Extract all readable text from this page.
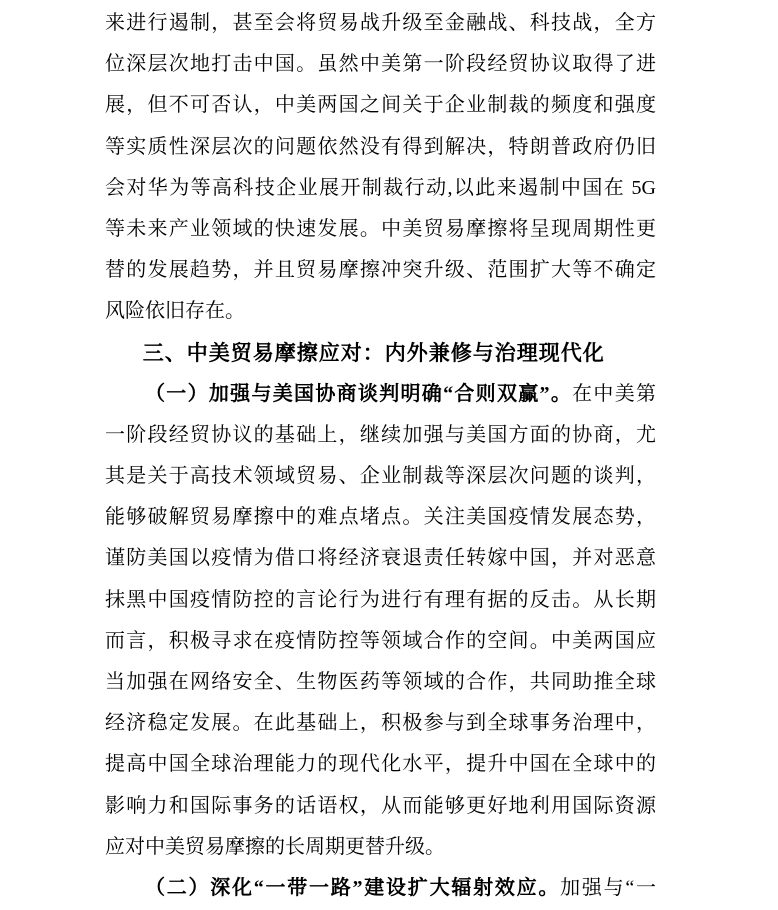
来进行遏制，甚至会将贸易战升级至金融战、科技战，全方
位深层次地打击中国。虽然中美第一阶段经贸协议取得了进
展，但不可否认，中美两国之间关于企业制裁的频度和强度
等实质性深层次的问题依然没有得到解决，特朗普政府仍旧
会对华为等高科技企业展开制裁行动,以此来遏制中国在 5G
等未来产业领域的快速发展。中美贸易摩擦将呈现周期性更
替的发展趋势，并且贸易摩擦冲突升级、范围扩大等不确定
风险依旧存在。
三、中美贸易摩擦应对：内外兼修与治理现代化
（一）加强与美国协商谈判明确“合则双赢”。在中美第
一阶段经贸协议的基础上，继续加强与美国方面的协商，尤
其是关于高技术领域贸易、企业制裁等深层次问题的谈判，
能够破解贸易摩擦中的难点堵点。关注美国疫情发展态势，
谨防美国以疫情为借口将经济衰退责任转嫁中国，并对恶意
抹黑中国疫情防控的言论行为进行有理有据的反击。从长期
而言，积极寻求在疫情防控等领域合作的空间。中美两国应
当加强在网络安全、生物医药等领域的合作，共同助推全球
经济稳定发展。在此基础上，积极参与到全球事务治理中，
提高中国全球治理能力的现代化水平，提升中国在全球中的
影响力和国际事务的话语权，从而能够更好地利用国际资源
应对中美贸易摩擦的长周期更替升级。
（二）深化“一带一路”建设扩大辐射效应。加强与“一
